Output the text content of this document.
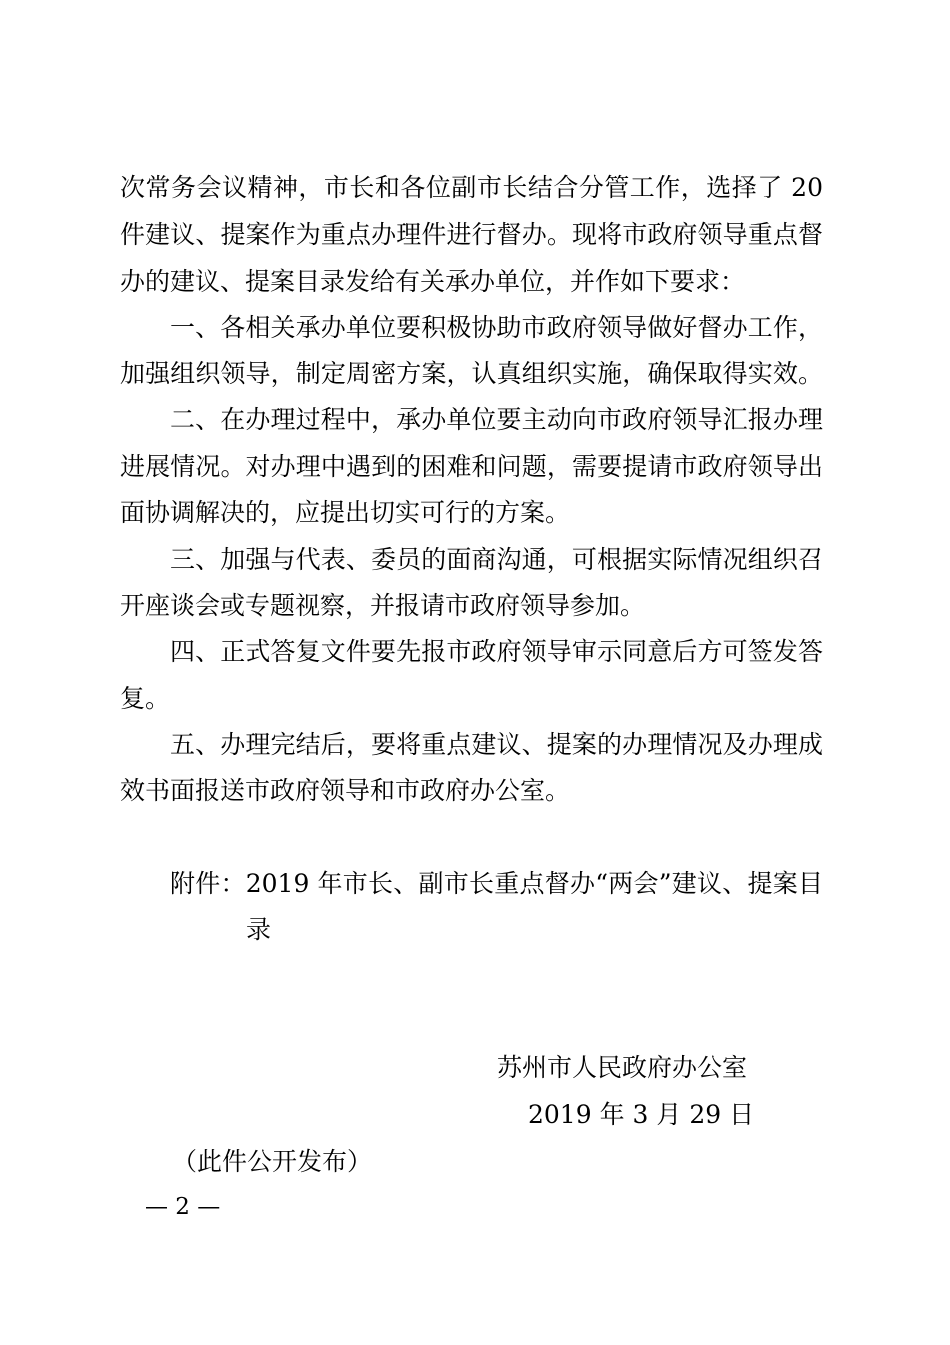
次常务会议精神，市长和各位副市长结合分管工作，选择了 20

件建议、提案作为重点办理件进行督办。现将市政府领导重点督

办的建议、提案目录发给有关承办单位，并作如下要求：

一、各相关承办单位要积极协助市政府领导做好督办工作，

加强组织领导，制定周密方案，认真组织实施，确保取得实效。

二、在办理过程中，承办单位要主动向市政府领导汇报办理

进展情况。对办理中遇到的困难和问题，需要提请市政府领导出

面协调解决的，应提出切实可行的方案。

三、加强与代表、委员的面商沟通，可根据实际情况组织召

开座谈会或专题视察，并报请市政府领导参加。

四、正式答复文件要先报市政府领导审示同意后方可签发答

复。

五、办理完结后，要将重点建议、提案的办理情况及办理成

效书面报送市政府领导和市政府办公室。

附件：2019 年市长、副市长重点督办“两会”建议、提案目

录

苏州市人民政府办公室

2019 年 3 月 29 日

（此件公开发布）

— 2 —
